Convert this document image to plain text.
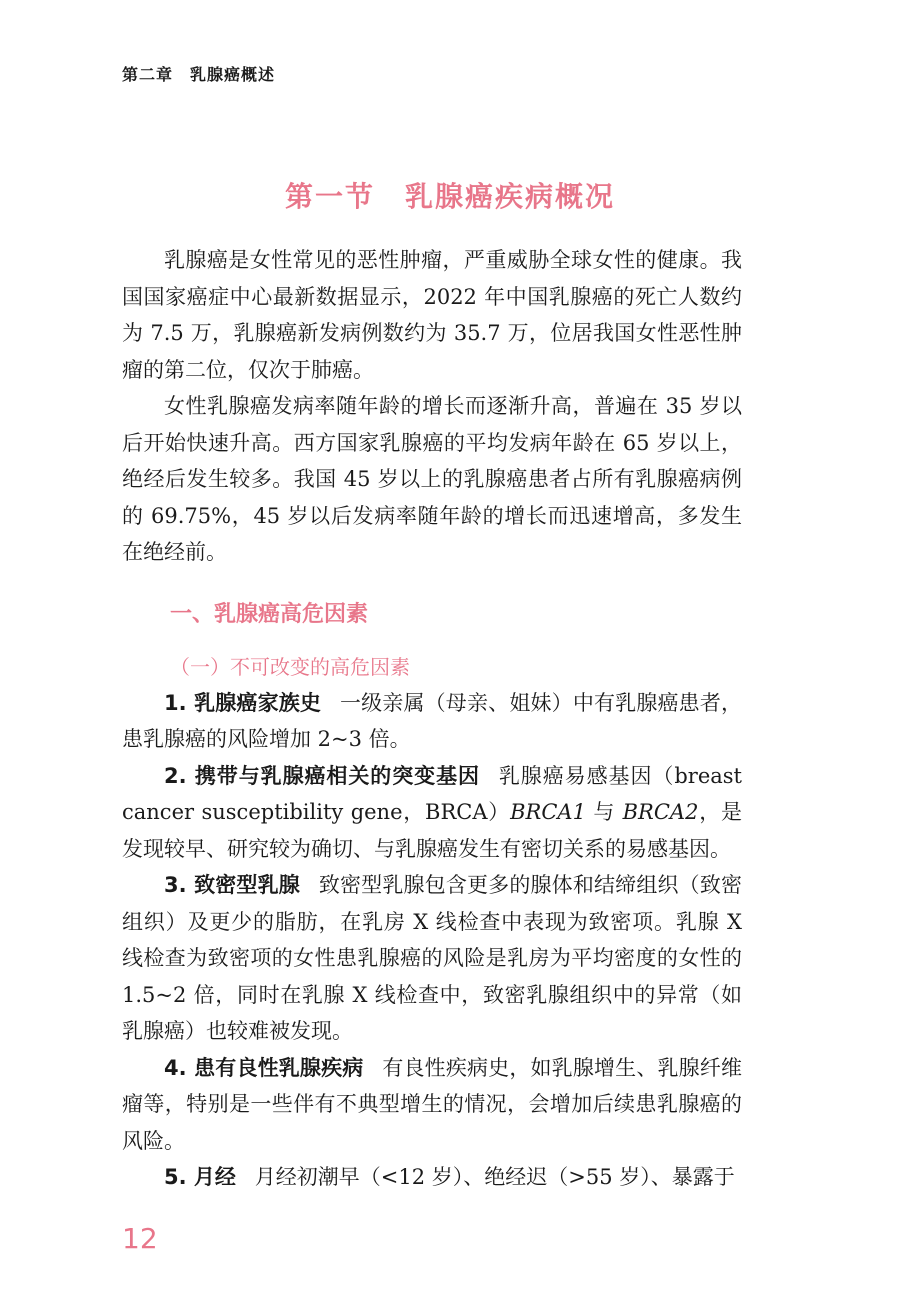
第二章　乳腺癌概述
第一节　乳腺癌疾病概况

乳腺癌是女性常见的恶性肿瘤，严重威胁全球女性的健康。我国国家癌症中心最新数据显示，2022 年中国乳腺癌的死亡人数约为 7.5 万，乳腺癌新发病例数约为 35.7 万，位居我国女性恶性肿瘤的第二位，仅次于肺癌。

女性乳腺癌发病率随年龄的增长而逐渐升高，普遍在 35 岁以后开始快速升高。西方国家乳腺癌的平均发病年龄在 65 岁以上，绝经后发生较多。我国 45 岁以上的乳腺癌患者占所有乳腺癌病例的 69.75%，45 岁以后发病率随年龄的增长而迅速增高，多发生在绝经前。

一、乳腺癌高危因素
（一）不可改变的高危因素

1. 乳腺癌家族史 一级亲属（母亲、姐妹）中有乳腺癌患者，患乳腺癌的风险增加 2~3 倍。

2. 携带与乳腺癌相关的突变基因 乳腺癌易感基因（breast cancer susceptibility gene，BRCA）BRCA1 与 BRCA2，是发现较早、研究较为确切、与乳腺癌发生有密切关系的易感基因。

3. 致密型乳腺 致密型乳腺包含更多的腺体和结缔组织（致密组织）及更少的脂肪，在乳房 X 线检查中表现为致密项。乳腺 X 线检查为致密项的女性患乳腺癌的风险是乳房为平均密度的女性的 1.5~2 倍，同时在乳腺 X 线检查中，致密乳腺组织中的异常（如乳腺癌）也较难被发现。

4. 患有良性乳腺疾病 有良性疾病史，如乳腺增生、乳腺纤维瘤等，特别是一些伴有不典型增生的情况，会增加后续患乳腺癌的风险。

5. 月经 月经初潮早（<12 岁）、绝经迟（>55 岁）、暴露于

12
